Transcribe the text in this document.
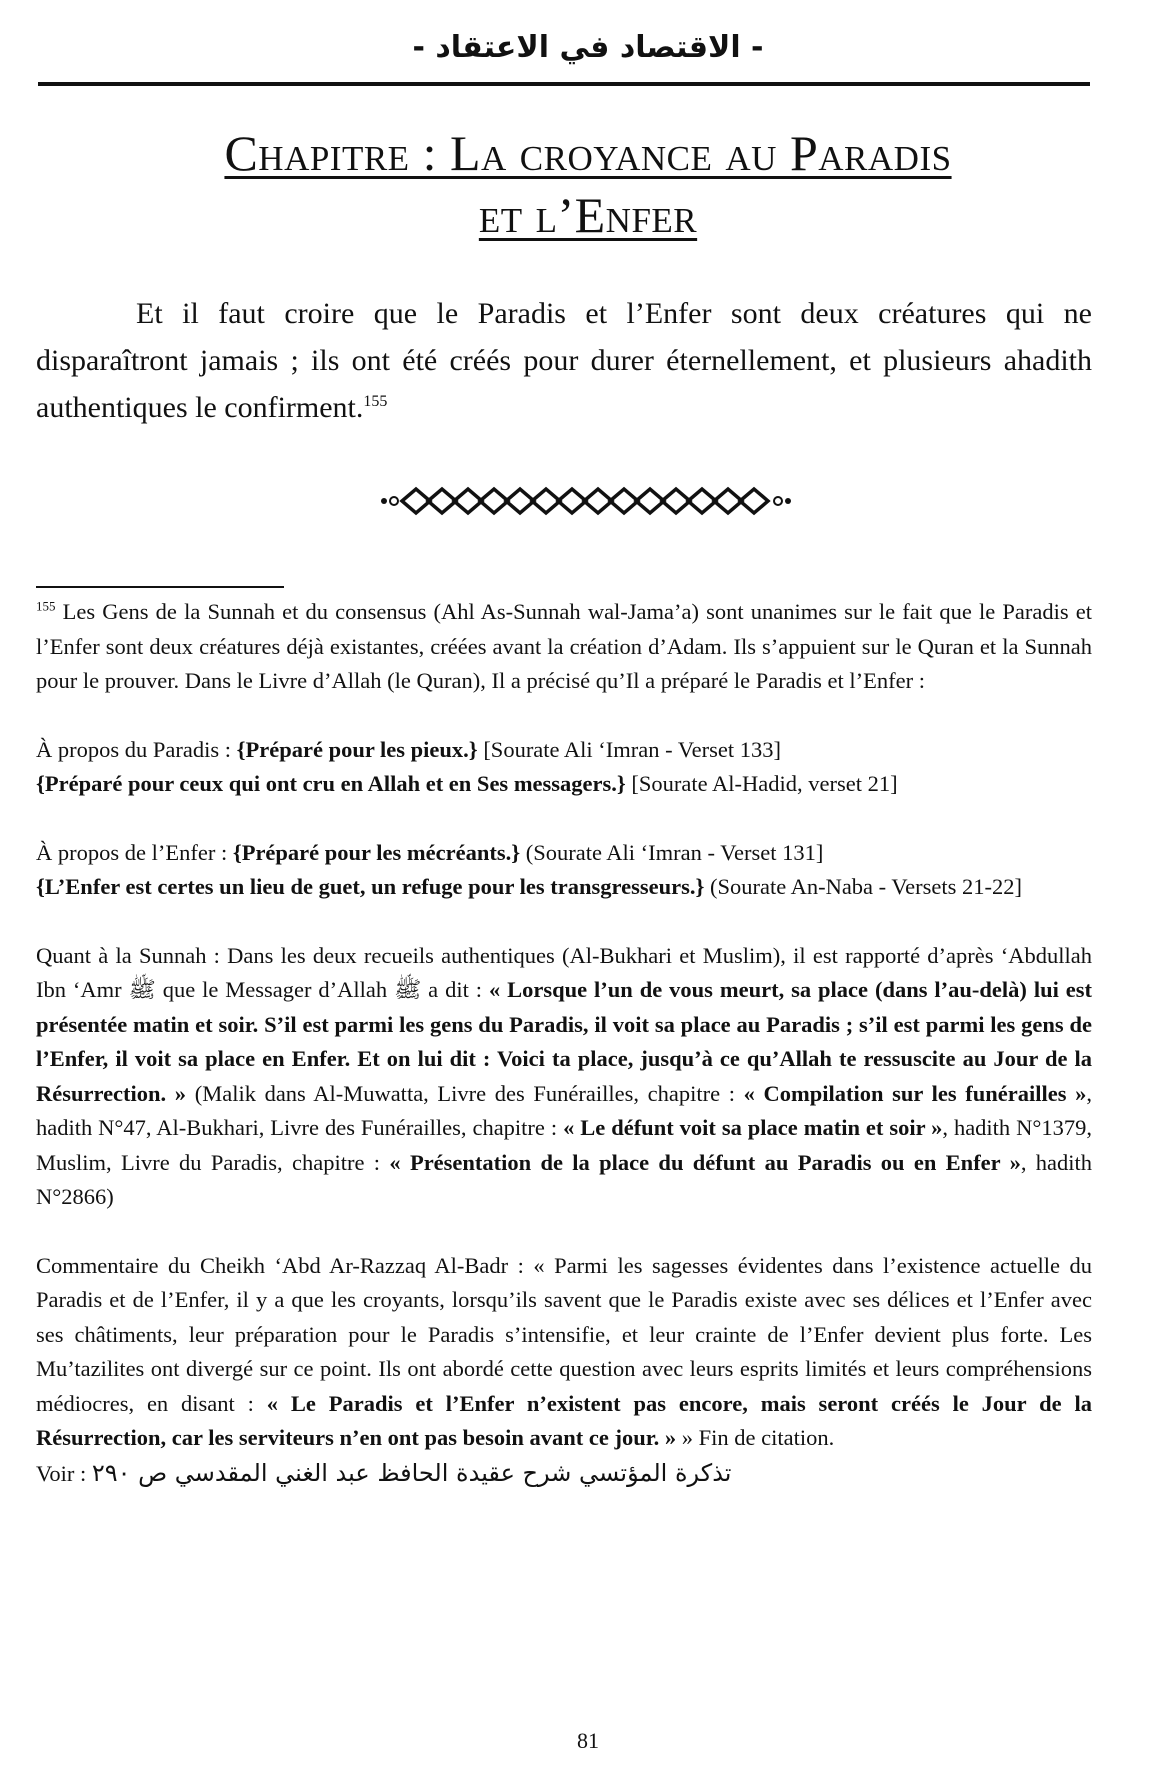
- الاقتصاد في الاعتقاد -
Chapitre : La croyance au Paradis
et l’Enfer
Et il faut croire que le Paradis et l’Enfer sont deux créatures qui ne disparaîtront jamais ; ils ont été créés pour durer éternellement, et plusieurs ahadith authentiques le confirment.$^{155}$

$^{155}$ Les Gens de la Sunnah et du consensus (Ahl As-Sunnah wal-Jama’a) sont unanimes sur le fait que le Paradis et l’Enfer sont deux créatures déjà existantes, créées avant la création d’Adam. Ils s’appuient sur le Quran et la Sunnah pour le prouver. Dans le Livre d’Allah (le Quran), Il a précisé qu’Il a préparé le Paradis et l’Enfer :

À propos du Paradis : {Préparé pour les pieux.} [Sourate Ali ‘Imran - Verset 133]

{Préparé pour ceux qui ont cru en Allah et en Ses messagers.} [Sourate Al-Hadid, verset 21]

À propos de l’Enfer : {Préparé pour les mécréants.} (Sourate Ali ‘Imran - Verset 131]

{L’Enfer est certes un lieu de guet, un refuge pour les transgresseurs.} (Sourate An-Naba - Versets 21-22]

Quant à la Sunnah : Dans les deux recueils authentiques (Al-Bukhari et Muslim), il est rapporté d’après ‘Abdullah Ibn ‘Amr ﷺ que le Messager d’Allah ﷺ a dit : « Lorsque l’un de vous meurt, sa place (dans l’au-delà) lui est présentée matin et soir. S’il est parmi les gens du Paradis, il voit sa place au Paradis ; s’il est parmi les gens de l’Enfer, il voit sa place en Enfer. Et on lui dit : Voici ta place, jusqu’à ce qu’Allah te ressuscite au Jour de la Résurrection. » (Malik dans Al-Muwatta, Livre des Funérailles, chapitre : « Compilation sur les funérailles », hadith N°47, Al-Bukhari, Livre des Funérailles, chapitre : « Le défunt voit sa place matin et soir », hadith N°1379, Muslim, Livre du Paradis, chapitre : « Présentation de la place du défunt au Paradis ou en Enfer », hadith N°2866)

Commentaire du Cheikh ‘Abd Ar-Razzaq Al-Badr : « Parmi les sagesses évidentes dans l’existence actuelle du Paradis et de l’Enfer, il y a que les croyants, lorsqu’ils savent que le Paradis existe avec ses délices et l’Enfer avec ses châtiments, leur préparation pour le Paradis s’intensifie, et leur crainte de l’Enfer devient plus forte. Les Mu’tazilites ont divergé sur ce point. Ils ont abordé cette question avec leurs esprits limités et leurs compréhensions médiocres, en disant : « Le Paradis et l’Enfer n’existent pas encore, mais seront créés le Jour de la Résurrection, car les serviteurs n’en ont pas besoin avant ce jour. » » Fin de citation.

Voir : تذكرة المؤتسي شرح عقيدة الحافظ عبد الغني المقدسي ص ٢٩٠

81
